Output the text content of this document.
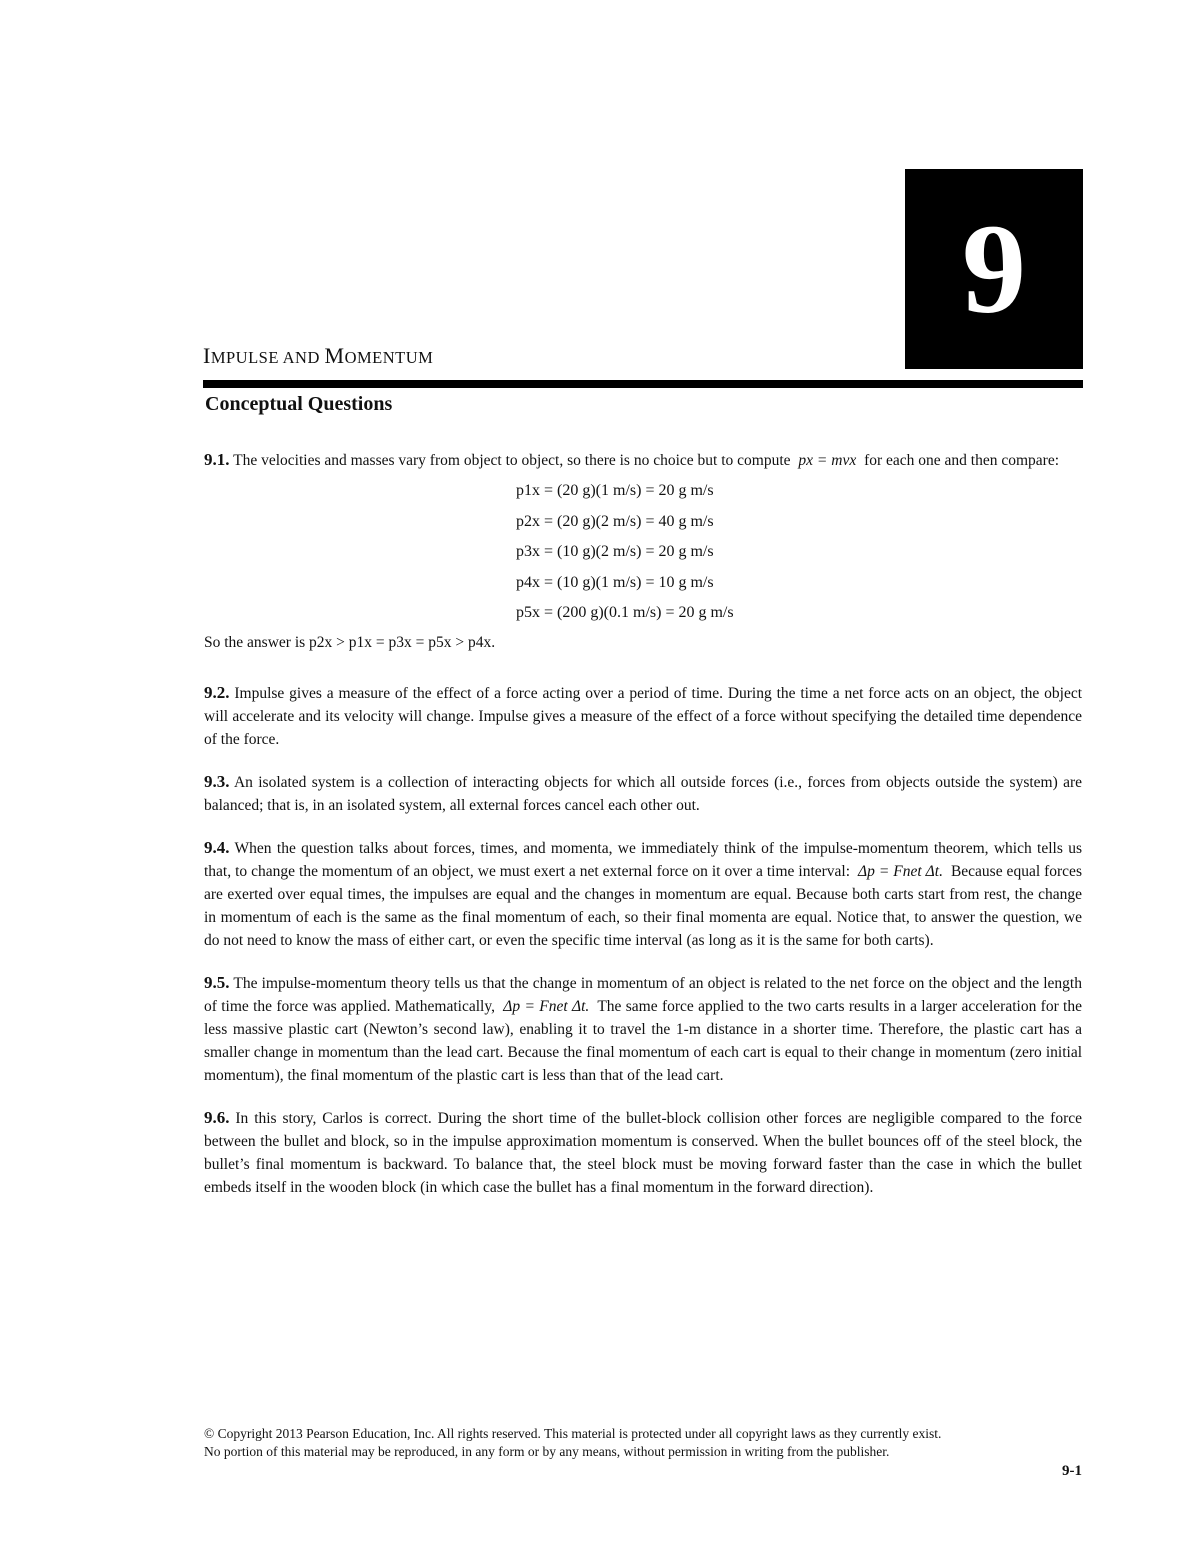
9
IMPULSE AND MOMENTUM
Conceptual Questions

9.1. The velocities and masses vary from object to object, so there is no choice but to compute px = mvx for each one and then compare:

p1x = (20 g)(1 m/s) = 20 g m/s
p2x = (20 g)(2 m/s) = 40 g m/s
p3x = (10 g)(2 m/s) = 20 g m/s
p4x = (10 g)(1 m/s) = 10 g m/s
p5x = (200 g)(0.1 m/s) = 20 g m/s

So the answer is p2x > p1x = p3x = p5x > p4x.

9.2. Impulse gives a measure of the effect of a force acting over a period of time. During the time a net force acts on an object, the object will accelerate and its velocity will change. Impulse gives a measure of the effect of a force without specifying the detailed time dependence of the force.

9.3. An isolated system is a collection of interacting objects for which all outside forces (i.e., forces from objects outside the system) are balanced; that is, in an isolated system, all external forces cancel each other out.

9.4. When the question talks about forces, times, and momenta, we immediately think of the impulse-momentum theorem, which tells us that, to change the momentum of an object, we must exert a net external force on it over a time interval: Δp = Fnet Δt. Because equal forces are exerted over equal times, the impulses are equal and the changes in momentum are equal. Because both carts start from rest, the change in momentum of each is the same as the final momentum of each, so their final momenta are equal. Notice that, to answer the question, we do not need to know the mass of either cart, or even the specific time interval (as long as it is the same for both carts).

9.5. The impulse-momentum theory tells us that the change in momentum of an object is related to the net force on the object and the length of time the force was applied. Mathematically, Δp = Fnet Δt. The same force applied to the two carts results in a larger acceleration for the less massive plastic cart (Newton’s second law), enabling it to travel the 1-m distance in a shorter time. Therefore, the plastic cart has a smaller change in momentum than the lead cart. Because the final momentum of each cart is equal to their change in momentum (zero initial momentum), the final momentum of the plastic cart is less than that of the lead cart.

9.6. In this story, Carlos is correct. During the short time of the bullet-block collision other forces are negligible compared to the force between the bullet and block, so in the impulse approximation momentum is conserved. When the bullet bounces off of the steel block, the bullet’s final momentum is backward. To balance that, the steel block must be moving forward faster than the case in which the bullet embeds itself in the wooden block (in which case the bullet has a final momentum in the forward direction).

© Copyright 2013 Pearson Education, Inc. All rights reserved. This material is protected under all copyright laws as they currently exist.
No portion of this material may be reproduced, in any form or by any means, without permission in writing from the publisher.
9-1
